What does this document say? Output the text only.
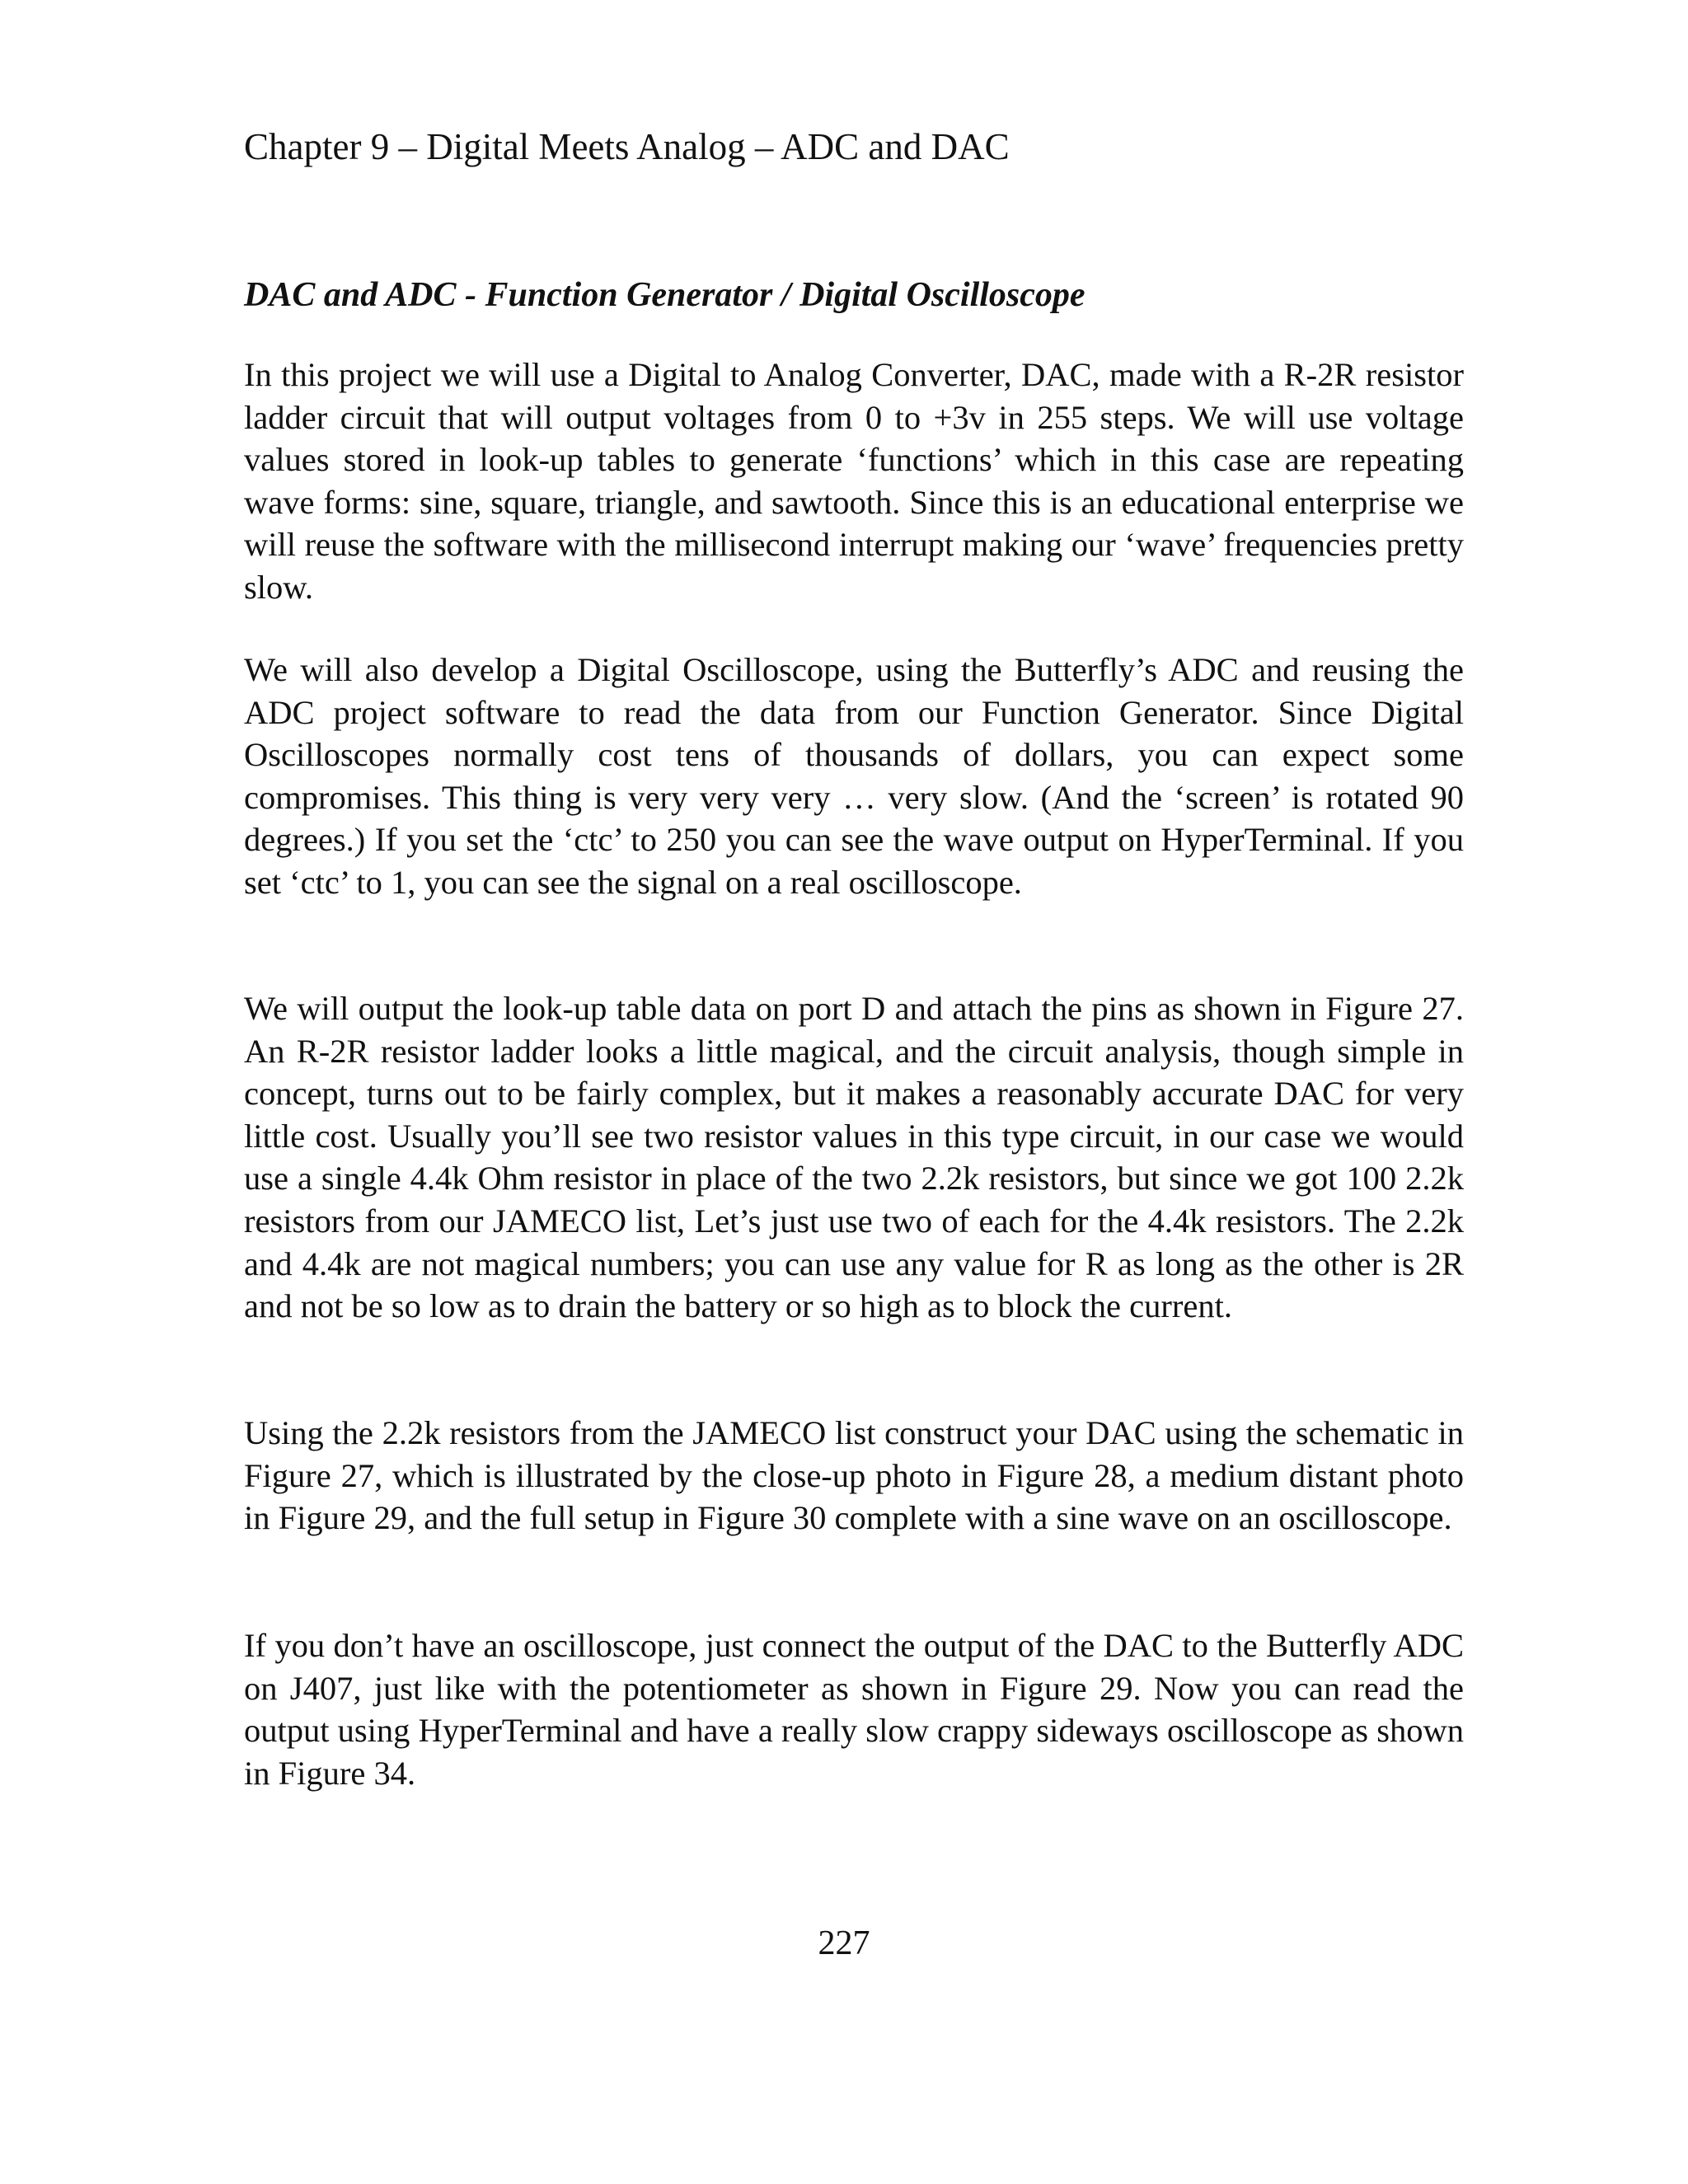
Chapter 9 – Digital Meets Analog – ADC and DAC
DAC and ADC - Function Generator / Digital Oscilloscope

In this project we will use a Digital to Analog Converter, DAC, made with a R-2R resistor ladder circuit that will output voltages from 0 to +3v in 255 steps. We will use voltage values stored in look-up tables to generate ‘functions’ which in this case are repeating wave forms: sine, square, triangle, and sawtooth. Since this is an educational enterprise we will reuse the software with the millisecond interrupt making our ‘wave’ frequencies pretty slow.

We will also develop a Digital Oscilloscope, using the Butterfly’s ADC and reusing the ADC project software to read the data from our Function Generator. Since Digital Oscilloscopes normally cost tens of thousands of dollars, you can expect some compromises. This thing is very very very … very slow. (And the ‘screen’ is rotated 90 degrees.) If you set the ‘ctc’ to 250 you can see the wave output on HyperTerminal. If you set ‘ctc’ to 1, you can see the signal on a real oscilloscope.

We will output the look-up table data on port D and attach the pins as shown in Figure 27. An R-2R resistor ladder looks a little magical, and the circuit analysis, though simple in concept, turns out to be fairly complex, but it makes a reasonably accurate DAC for very little cost. Usually you’ll see two resistor values in this type circuit, in our case we would use a single 4.4k Ohm resistor in place of the two 2.2k resistors, but since we got 100 2.2k resistors from our JAMECO list, Let’s just use two of each for the 4.4k resistors. The 2.2k and 4.4k are not magical numbers; you can use any value for R as long as the other is 2R and not be so low as to drain the battery or so high as to block the current.

Using the 2.2k resistors from the JAMECO list construct your DAC using the schematic in Figure 27, which is illustrated by the close-up photo in Figure 28, a medium distant photo in Figure 29, and the full setup in Figure 30 complete with a sine wave on an oscilloscope.

If you don’t have an oscilloscope, just connect the output of the DAC to the Butterfly ADC on J407, just like with the potentiometer as shown in Figure 29. Now you can read the output using HyperTerminal and have a really slow crappy sideways oscilloscope as shown in Figure 34.

227
